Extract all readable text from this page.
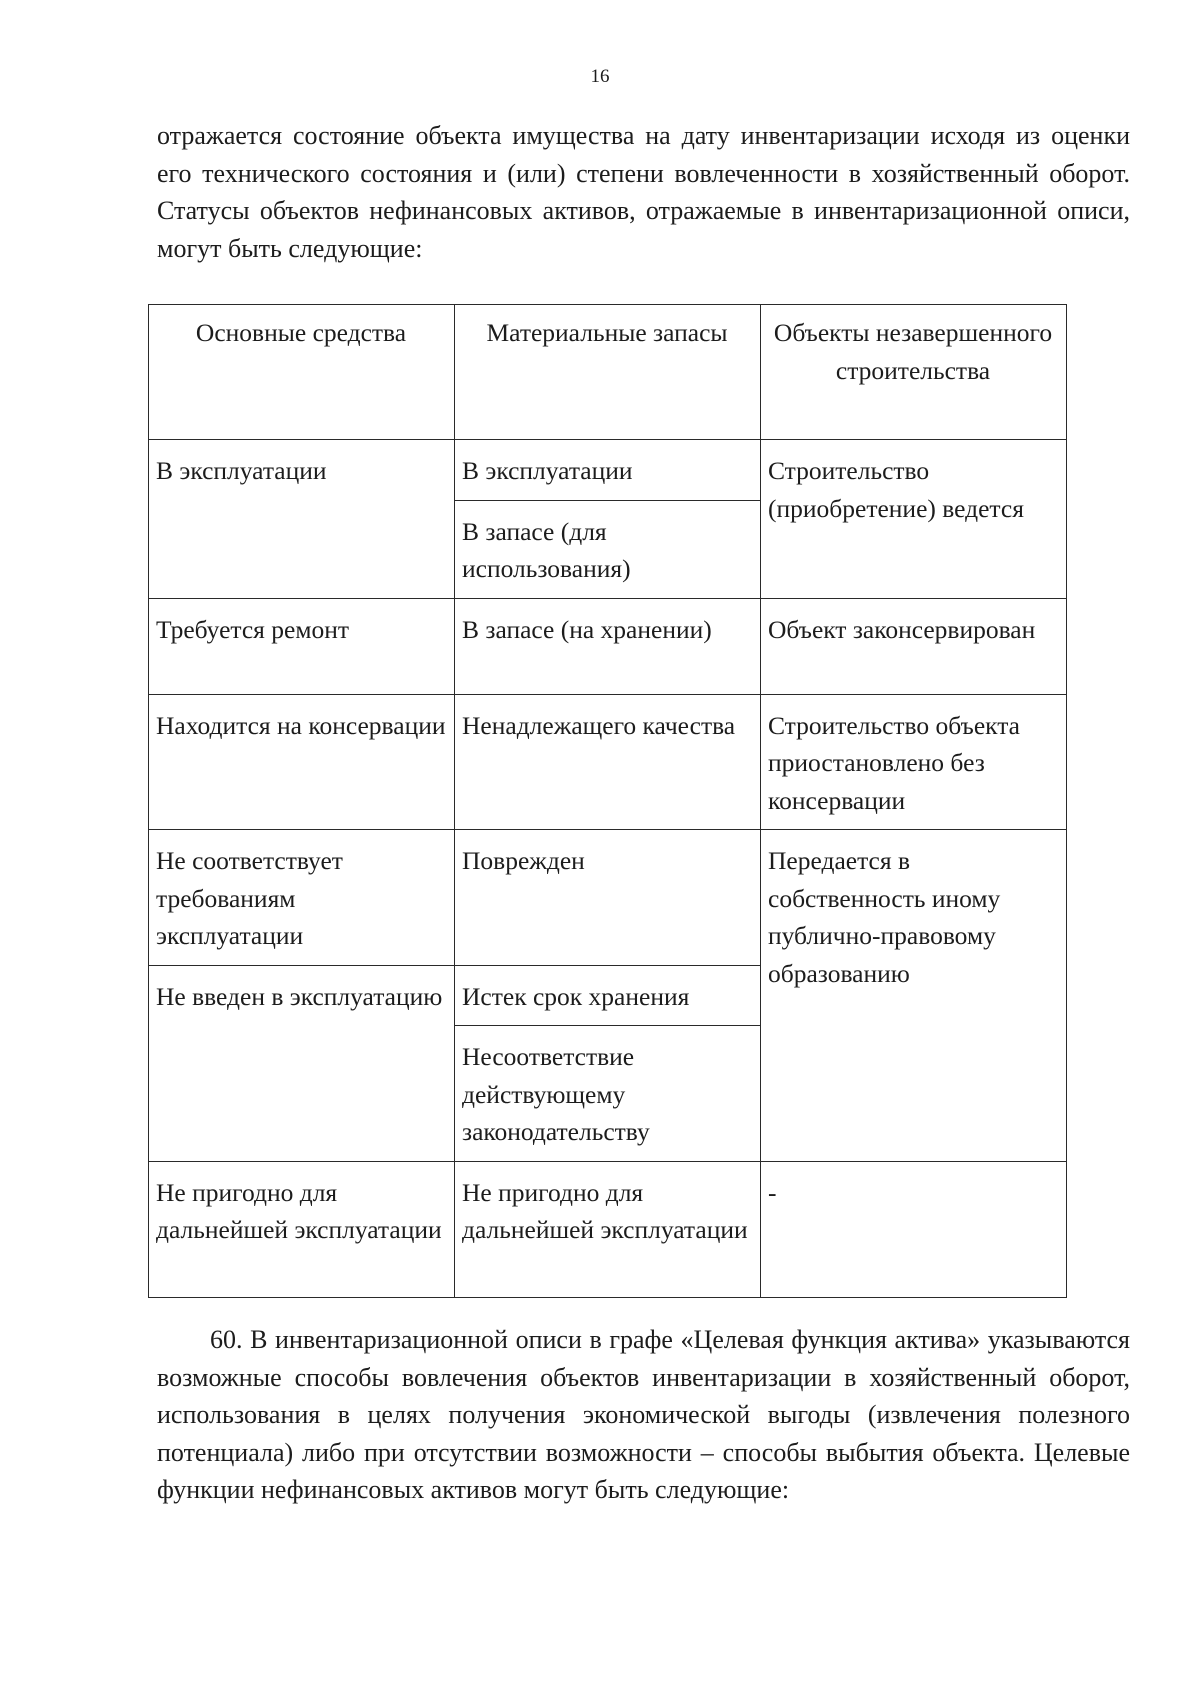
16

отражается состояние объекта имущества на дату инвентаризации исходя из оценки его технического состояния и (или) степени вовлеченности в хозяйственный оборот. Статусы объектов нефинансовых активов, отражаемые в инвентаризационной описи, могут быть следующие:

Основные средства	Материальные запасы	Объекты незавершенного строительства
В эксплуатации	В эксплуатации	Строительство (приобретение) ведется
	В запасе (для использования)	
Требуется ремонт	В запасе (на хранении)	Объект законсервирован
Находится на консервации	Ненадлежащего качества	Строительство объекта приостановлено без консервации
Не соответствует требованиям эксплуатации	Поврежден	Передается в собственность иному публично-правовому образованию
Не введен в эксплуатацию	Истек срок хранения	
	Несоответствие действующему законодательству	
Не пригодно для дальнейшей эксплуатации	Не пригодно для дальнейшей эксплуатации	-

60. В инвентаризационной описи в графе «Целевая функция актива» указываются возможные способы вовлечения объектов инвентаризации в хозяйственный оборот, использования в целях получения экономической выгоды (извлечения полезного потенциала) либо при отсутствии возможности – способы выбытия объекта. Целевые функции нефинансовых активов могут быть следующие:
